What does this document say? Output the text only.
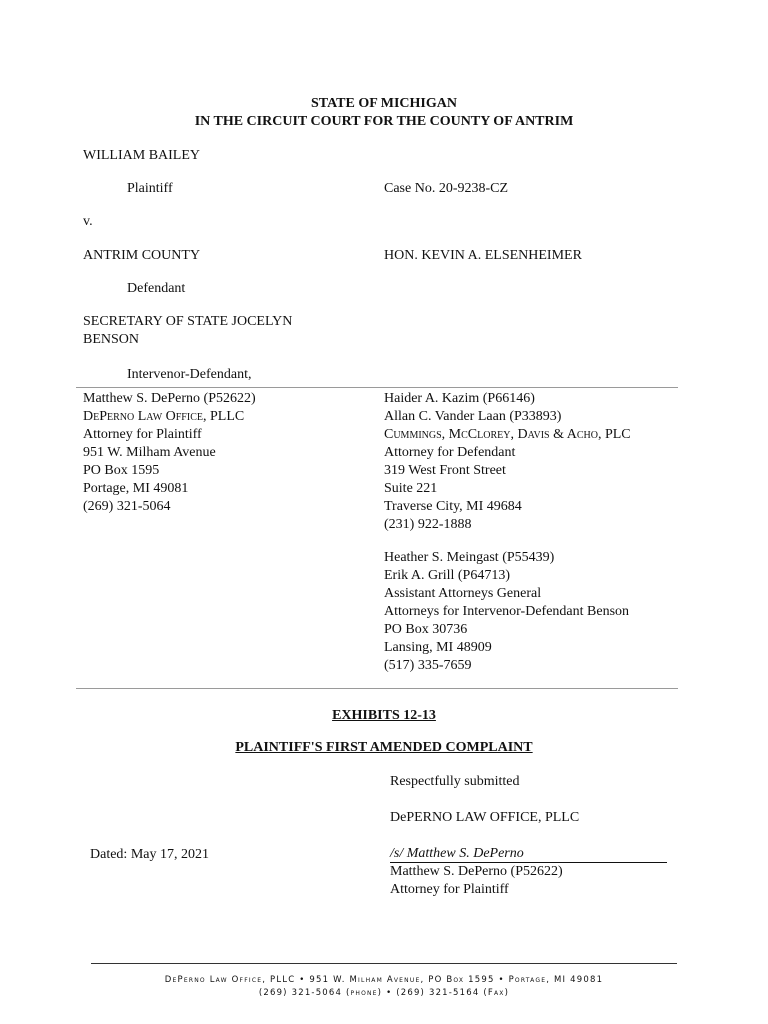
STATE OF MICHIGAN
IN THE CIRCUIT COURT FOR THE COUNTY OF ANTRIM
WILLIAM BAILEY
Plaintiff	Case No. 20-9238-CZ
v.
ANTRIM COUNTY	HON. KEVIN A. ELSENHEIMER
Defendant
SECRETARY OF STATE JOCELYN
BENSON
Intervenor-Defendant,
Matthew S. DePerno (P52622)
DePerno Law Office, PLLC
Attorney for Plaintiff
951 W. Milham Avenue
PO Box 1595
Portage, MI 49081
(269) 321-5064
Haider A. Kazim (P66146)
Allan C. Vander Laan (P33893)
Cummings, McClorey, Davis & Acho, PLC
Attorney for Defendant
319 West Front Street
Suite 221
Traverse City, MI 49684
(231) 922-1888
Heather S. Meingast (P55439)
Erik A. Grill (P64713)
Assistant Attorneys General
Attorneys for Intervenor-Defendant Benson
PO Box 30736
Lansing, MI 48909
(517) 335-7659
EXHIBITS 12-13
PLAINTIFF'S FIRST AMENDED COMPLAINT
Respectfully submitted
DePERNO LAW OFFICE, PLLC
Dated: May 17, 2021	/s/ Matthew S. DePerno
Matthew S. DePerno (P52622)
Attorney for Plaintiff
DePerno Law Office, PLLC • 951 W. Milham Avenue, PO Box 1595 • Portage, MI 49081
(269) 321-5064 (phone) • (269) 321-5164 (Fax)
